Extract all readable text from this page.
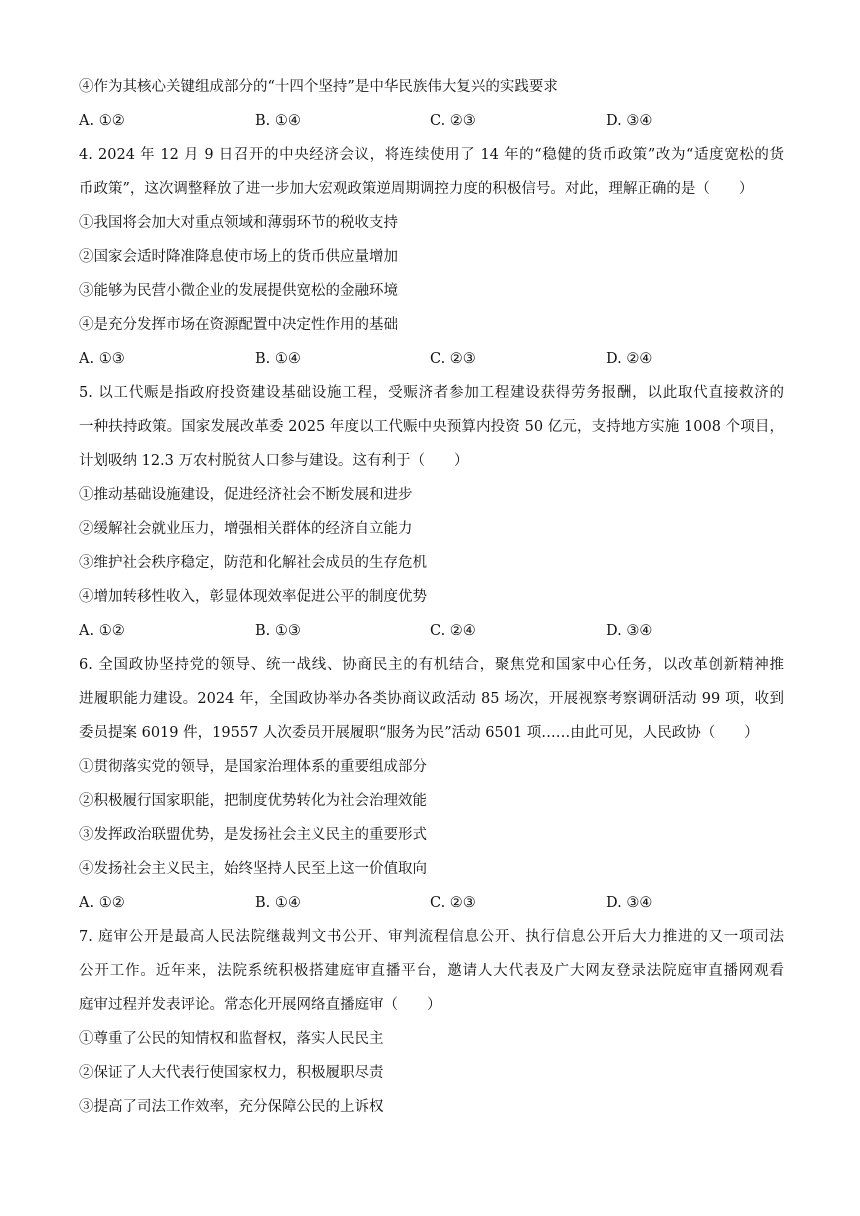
④作为其核心关键组成部分的“十四个坚持”是中华民族伟大复兴的实践要求
A. ①②	B. ①④	C. ②③	D. ③④
4. 2024 年 12 月 9 日召开的中央经济会议，将连续使用了 14 年的“稳健的货币政策”改为“适度宽松的货
币政策”，这次调整释放了进一步加大宏观政策逆周期调控力度的积极信号。对此，理解正确的是（　　）
①我国将会加大对重点领域和薄弱环节的税收支持
②国家会适时降准降息使市场上的货币供应量增加
③能够为民营小微企业的发展提供宽松的金融环境
④是充分发挥市场在资源配置中决定性作用的基础
A. ①③	B. ①④	C. ②③	D. ②④
5. 以工代赈是指政府投资建设基础设施工程，受赈济者参加工程建设获得劳务报酬，以此取代直接救济的
一种扶持政策。国家发展改革委 2025 年度以工代赈中央预算内投资 50 亿元，支持地方实施 1008 个项目，
计划吸纳 12.3 万农村脱贫人口参与建设。这有利于（　　）
①推动基础设施建设，促进经济社会不断发展和进步
②缓解社会就业压力，增强相关群体的经济自立能力
③维护社会秩序稳定，防范和化解社会成员的生存危机
④增加转移性收入，彰显体现效率促进公平的制度优势
A. ①②	B. ①③	C. ②④	D. ③④
6. 全国政协坚持党的领导、统一战线、协商民主的有机结合，聚焦党和国家中心任务，以改革创新精神推
进履职能力建设。2024 年，全国政协举办各类协商议政活动 85 场次，开展视察考察调研活动 99 项，收到
委员提案 6019 件，19557 人次委员开展履职“服务为民”活动 6501 项……由此可见，人民政协（　　）
①贯彻落实党的领导，是国家治理体系的重要组成部分
②积极履行国家职能，把制度优势转化为社会治理效能
③发挥政治联盟优势，是发扬社会主义民主的重要形式
④发扬社会主义民主，始终坚持人民至上这一价值取向
A. ①②	B. ①④	C. ②③	D. ③④
7. 庭审公开是最高人民法院继裁判文书公开、审判流程信息公开、执行信息公开后大力推进的又一项司法
公开工作。近年来，法院系统积极搭建庭审直播平台，邀请人大代表及广大网友登录法院庭审直播网观看
庭审过程并发表评论。常态化开展网络直播庭审（　　）
①尊重了公民的知情权和监督权，落实人民民主
②保证了人大代表行使国家权力，积极履职尽责
③提高了司法工作效率，充分保障公民的上诉权
